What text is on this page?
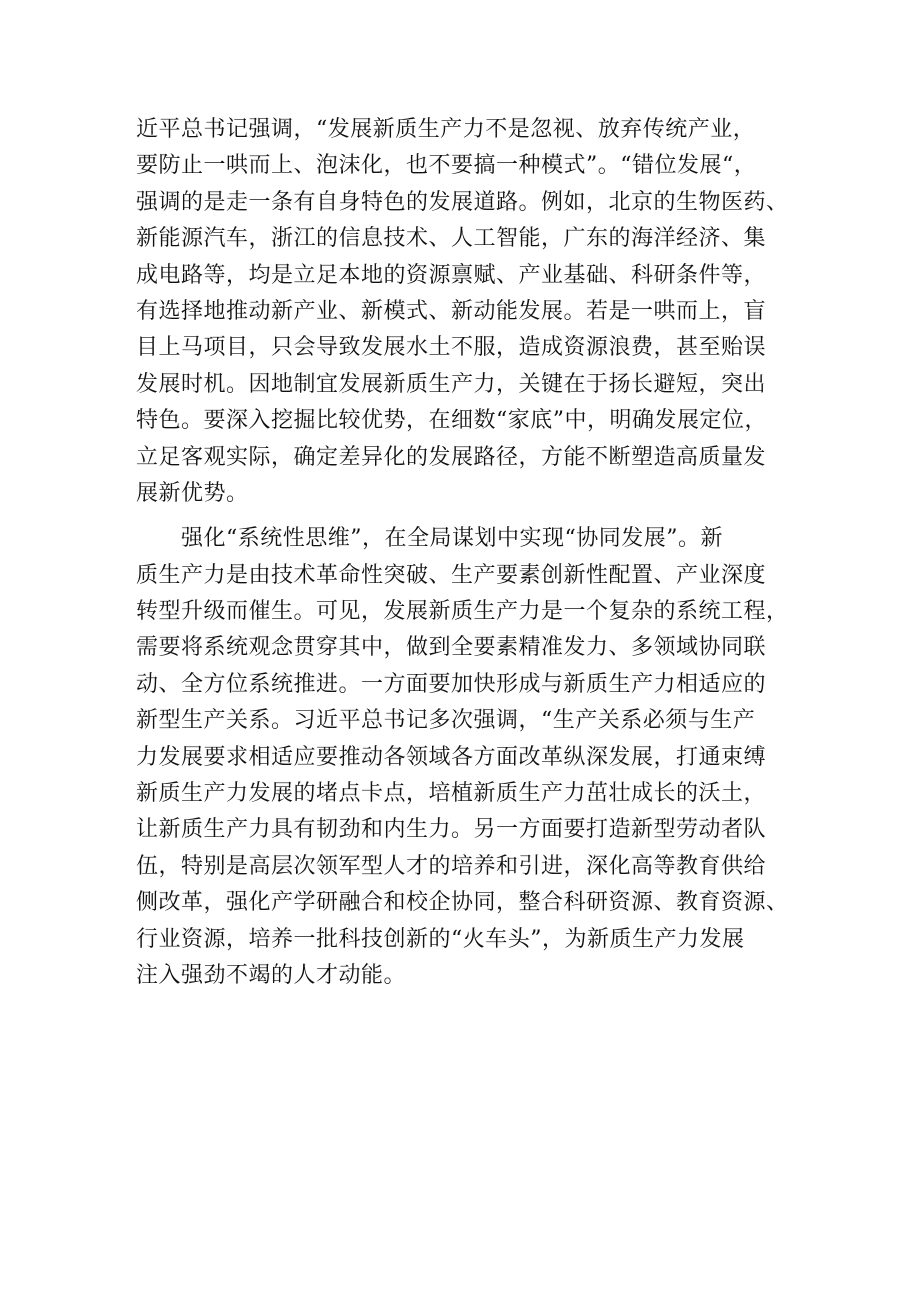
近平总书记强调，“发展新质生产力不是忽视、放弃传统产业，
要防止一哄而上、泡沫化，也不要搞一种模式”。“错位发展“，
强调的是走一条有自身特色的发展道路。例如，北京的生物医药、
新能源汽车，浙江的信息技术、人工智能，广东的海洋经济、集
成电路等，均是立足本地的资源禀赋、产业基础、科研条件等，
有选择地推动新产业、新模式、新动能发展。若是一哄而上，盲
目上马项目，只会导致发展水土不服，造成资源浪费，甚至贻误
发展时机。因地制宜发展新质生产力，关键在于扬长避短，突出
特色。要深入挖掘比较优势，在细数“家底”中，明确发展定位，
立足客观实际，确定差异化的发展路径，方能不断塑造高质量发
展新优势。
　　强化“系统性思维”，在全局谋划中实现“协同发展”。新
质生产力是由技术革命性突破、生产要素创新性配置、产业深度
转型升级而催生。可见，发展新质生产力是一个复杂的系统工程，
需要将系统观念贯穿其中，做到全要素精准发力、多领域协同联
动、全方位系统推进。一方面要加快形成与新质生产力相适应的
新型生产关系。习近平总书记多次强调，“生产关系必须与生产
力发展要求相适应要推动各领域各方面改革纵深发展，打通束缚
新质生产力发展的堵点卡点，培植新质生产力茁壮成长的沃土，
让新质生产力具有韧劲和内生力。另一方面要打造新型劳动者队
伍，特别是高层次领军型人才的培养和引进，深化高等教育供给
侧改革，强化产学研融合和校企协同，整合科研资源、教育资源、
行业资源，培养一批科技创新的“火车头”，为新质生产力发展
注入强劲不竭的人才动能。
